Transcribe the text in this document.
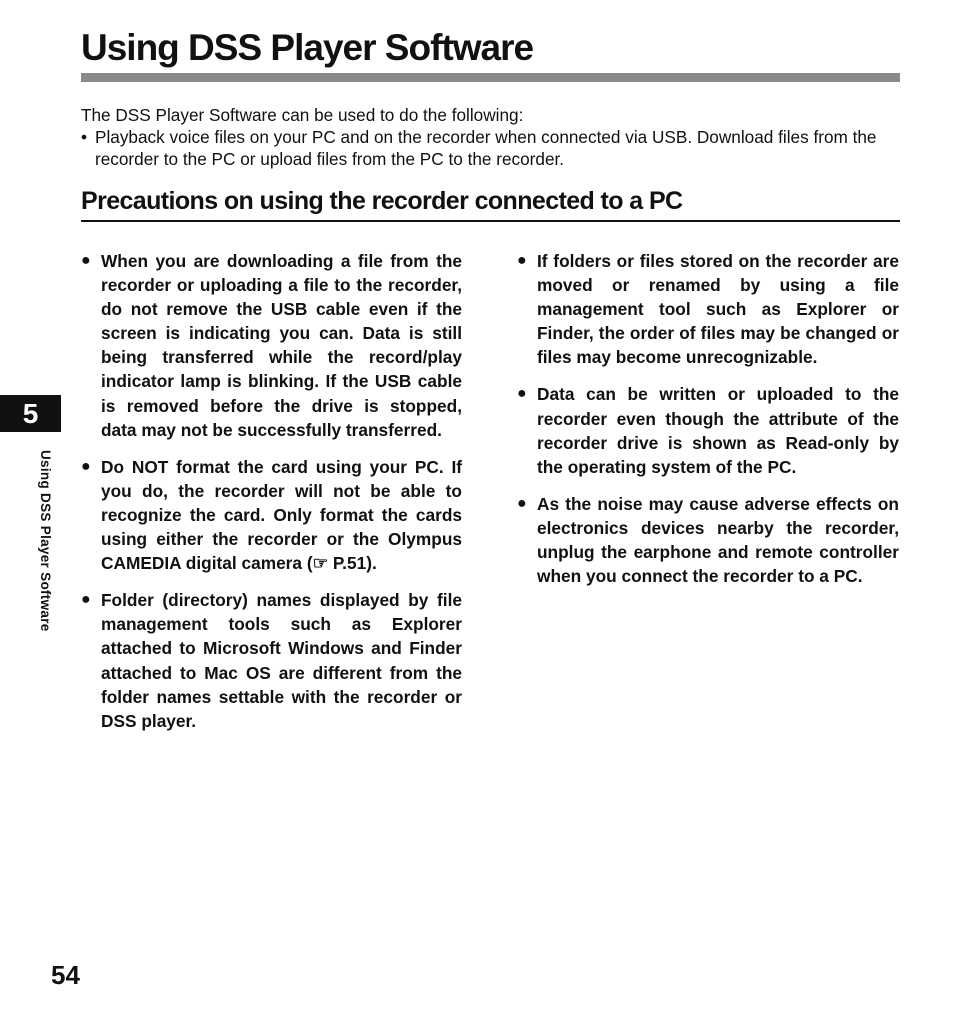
Using DSS Player Software

The DSS Player Software can be used to do the following:

• Playback voice files on your PC and on the recorder when connected via USB. Download files from the recorder to the PC or upload files from the PC to the recorder.

Precautions on using the recorder connected to a PC
● When you are downloading a file from the recorder or uploading a file to the recorder, do not remove the USB cable even if the screen is indicating you can. Data is still being transferred while the record/play indicator lamp is blinking. If the USB cable is removed before the drive is stopped, data may not be successfully transferred.
● Do NOT format the card using your PC. If you do, the recorder will not be able to recognize the card. Only format the cards using either the recorder or the Olympus CAMEDIA digital camera (☞ P.51).
● Folder (directory) names displayed by file management tools such as Explorer attached to Microsoft Windows and Finder attached to Mac OS are different from the folder names settable with the recorder or DSS player.
● If folders or files stored on the recorder are moved or renamed by using a file management tool such as Explorer or Finder, the order of files may be changed or files may become unrecognizable.
● Data can be written or uploaded to the recorder even though the attribute of the recorder drive is shown as Read-only by the operating system of the PC.
● As the noise may cause adverse effects on electronics devices nearby the recorder, unplug the earphone and remote controller when you connect the recorder to a PC.
5
Using DSS Player Software
54
